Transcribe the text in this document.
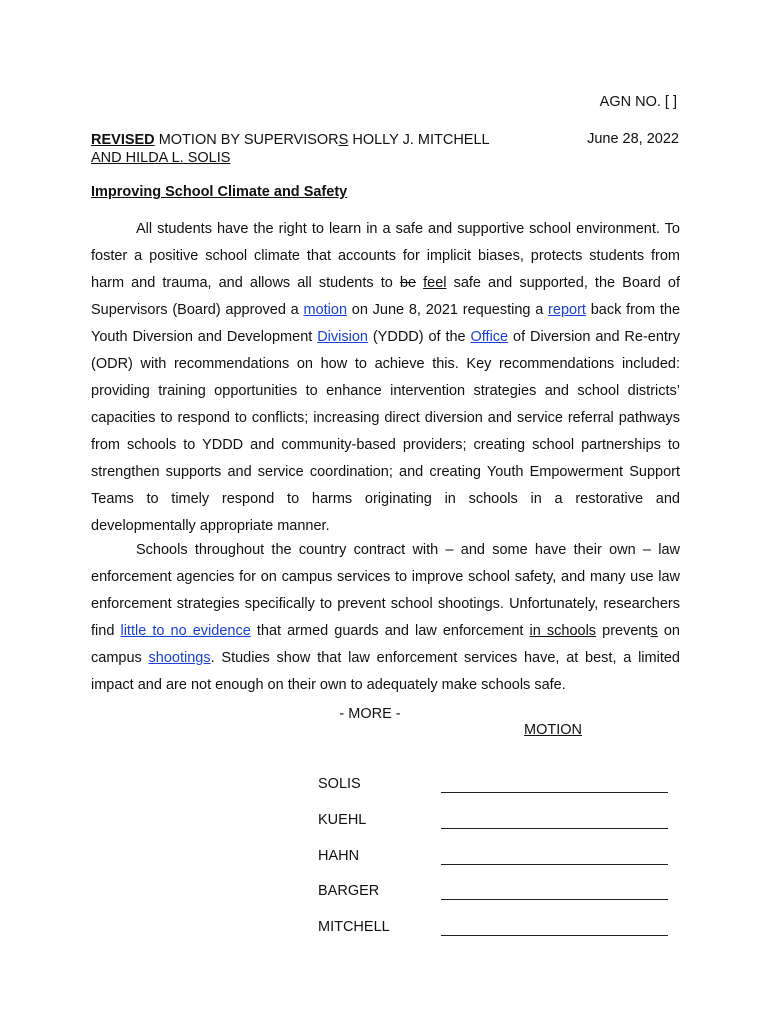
AGN NO. [ ]
REVISED MOTION BY SUPERVISORS HOLLY J. MITCHELL
AND HILDA L. SOLIS
June 28, 2022
Improving School Climate and Safety
All students have the right to learn in a safe and supportive school environment. To foster a positive school climate that accounts for implicit biases, protects students from harm and trauma, and allows all students to be feel safe and supported, the Board of Supervisors (Board) approved a motion on June 8, 2021 requesting a report back from the Youth Diversion and Development Division (YDDD) of the Office of Diversion and Re-entry (ODR) with recommendations on how to achieve this. Key recommendations included: providing training opportunities to enhance intervention strategies and school districts’ capacities to respond to conflicts; increasing direct diversion and service referral pathways from schools to YDDD and community-based providers; creating school partnerships to strengthen supports and service coordination; and creating Youth Empowerment Support Teams to timely respond to harms originating in schools in a restorative and developmentally appropriate manner.
Schools throughout the country contract with – and some have their own – law enforcement agencies for on campus services to improve school safety, and many use law enforcement strategies specifically to prevent school shootings. Unfortunately, researchers find little to no evidence that armed guards and law enforcement in schools prevents on campus shootings. Studies show that law enforcement services have, at best, a limited impact and are not enough on their own to adequately make schools safe.
- MORE -
MOTION
SOLIS
KUEHL
HAHN
BARGER
MITCHELL
